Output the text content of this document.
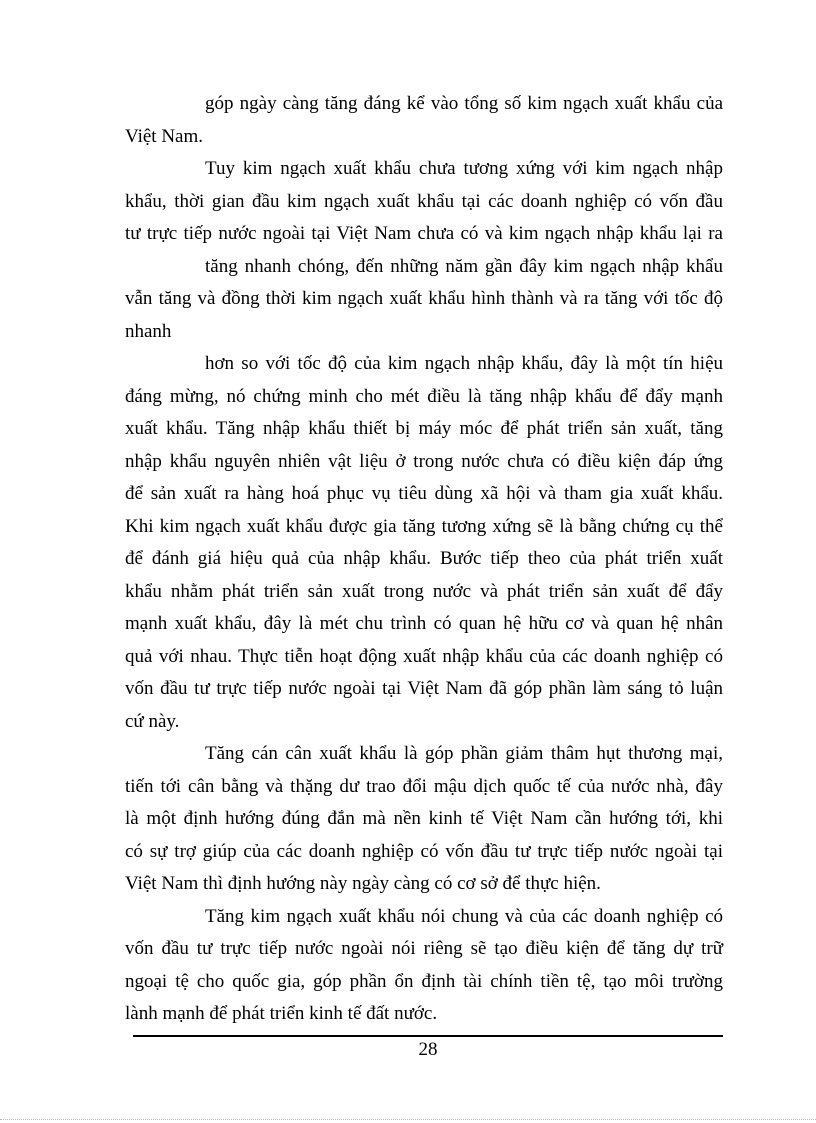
góp ngày càng tăng đáng kể vào tổng số kim ngạch xuất khẩu của
Việt Nam.
Tuy kim ngạch xuất khẩu chưa tương xứng với kim ngạch nhập
khẩu, thời gian đầu kim ngạch xuất khẩu tại các doanh nghiệp có vốn đầu
tư trực tiếp nước ngoài tại Việt Nam chưa có và kim ngạch nhập khẩu lại ra
tăng nhanh chóng, đến những năm gần đây kim ngạch nhập khẩu
vẫn tăng và đồng thời kim ngạch xuất khẩu hình thành và ra tăng với tốc độ
nhanh
hơn so với tốc độ của kim ngạch nhập khẩu, đây là một tín hiệu
đáng mừng, nó chứng minh cho mét điều là tăng nhập khẩu để đẩy mạnh
xuất khẩu. Tăng nhập khẩu thiết bị máy móc để phát triển sản xuất, tăng
nhập khẩu nguyên nhiên vật liệu ở trong nước chưa có điều kiện đáp ứng
để sản xuất ra hàng hoá phục vụ tiêu dùng xã hội và tham gia xuất khẩu.
Khi kim ngạch xuất khẩu được gia tăng tương xứng sẽ là bằng chứng cụ thể
để đánh giá hiệu quả của nhập khẩu. Bước tiếp theo của phát triển xuất
khẩu nhằm phát triển sản xuất trong nước và phát triển sản xuất để đẩy
mạnh xuất khẩu, đây là mét chu trình có quan hệ hữu cơ và quan hệ nhân
quả với nhau. Thực tiễn hoạt động xuất nhập khẩu của các doanh nghiệp có
vốn đầu tư trực tiếp nước ngoài tại Việt Nam đã góp phần làm sáng tỏ luận
cứ này.
Tăng cán cân xuất khẩu là góp phần giảm thâm hụt thương mại,
tiến tới cân bằng và thặng dư trao đổi mậu dịch quốc tế của nước nhà, đây
là một định hướng đúng đắn mà nền kinh tế Việt Nam cần hướng tới, khi
có sự trợ giúp của các doanh nghiệp có vốn đầu tư trực tiếp nước ngoài tại
Việt Nam thì định hướng này ngày càng có cơ sở để thực hiện.
Tăng kim ngạch xuất khẩu nói chung và của các doanh nghiệp có
vốn đầu tư trực tiếp nước ngoài nói riêng sẽ tạo điều kiện để tăng dự trữ
ngoại tệ cho quốc gia, góp phần ổn định tài chính tiền tệ, tạo môi trường
lành mạnh để phát triển kinh tế đất nước.
28
